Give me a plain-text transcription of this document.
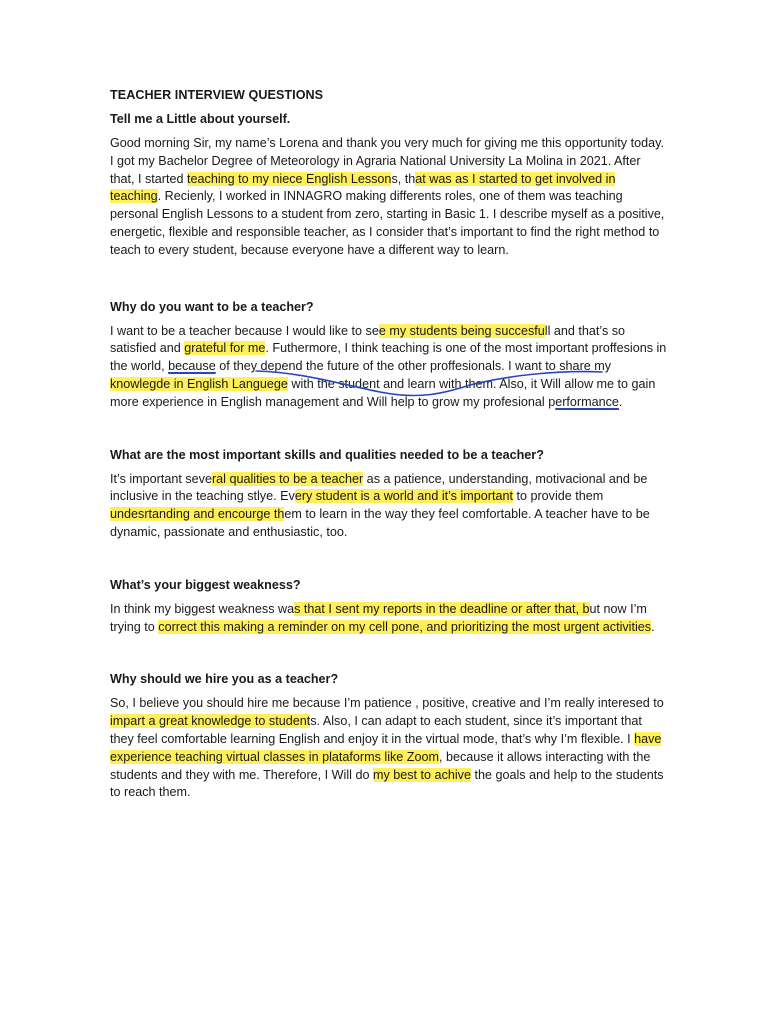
TEACHER INTERVIEW QUESTIONS
Tell me a Little about yourself.
Good morning Sir, my name’s Lorena and thank you very much for giving me this opportunity today. I got my Bachelor Degree of Meteorology in Agraria National University La Molina in 2021. After that, I started teaching to my niece English Lessons, that was as I started to get involved in teaching. Recienly, I worked in INNAGRO making differents roles, one of them was teaching personal English Lessons to a student from zero, starting in Basic 1. I describe myself as a positive, energetic, flexible and responsible teacher, as I consider that’s important to find the right method to teach to every student, because everyone have a different way to learn.
Why do you want to be a teacher?
I want to be a teacher because I would like to see my students being succesfull and that’s so satisfied and grateful for me. Futhermore, I think teaching is one of the most important proffesions in the world, because of they depend the future of the other proffesionals. I want to share my knowlegde in English Languege with the student and learn with them. Also, it Will allow me to gain more experience in English management and Will help to grow my profesional performance.
What are the most important skills and qualities needed to be a teacher?
It’s important several qualities to be a teacher as a patience, understanding, motivacional and be inclusive in the teaching stlye. Every student is a world and it’s important to provide them undesrtanding and encourge them to learn in the way they feel comfortable. A teacher have to be dynamic, passionate and enthusiastic, too.
What’s your biggest weakness?
In think my biggest weakness was that I sent my reports in the deadline or after that, but now I’m trying to correct this making a reminder on my cell pone, and prioritizing the most urgent activities.
Why should we hire you as a teacher?
So, I believe you should hire me because I’m patience , positive, creative and I’m really interesed to impart a great knowledge to students. Also, I can adapt to each student, since it’s important that they feel comfortable learning English and enjoy it in the virtual mode, that’s why I’m flexible. I have experience teaching virtual classes in plataforms like Zoom, because it allows interacting with the students and they with me. Therefore, I Will do my best to achive the goals and help to the students to reach them.
